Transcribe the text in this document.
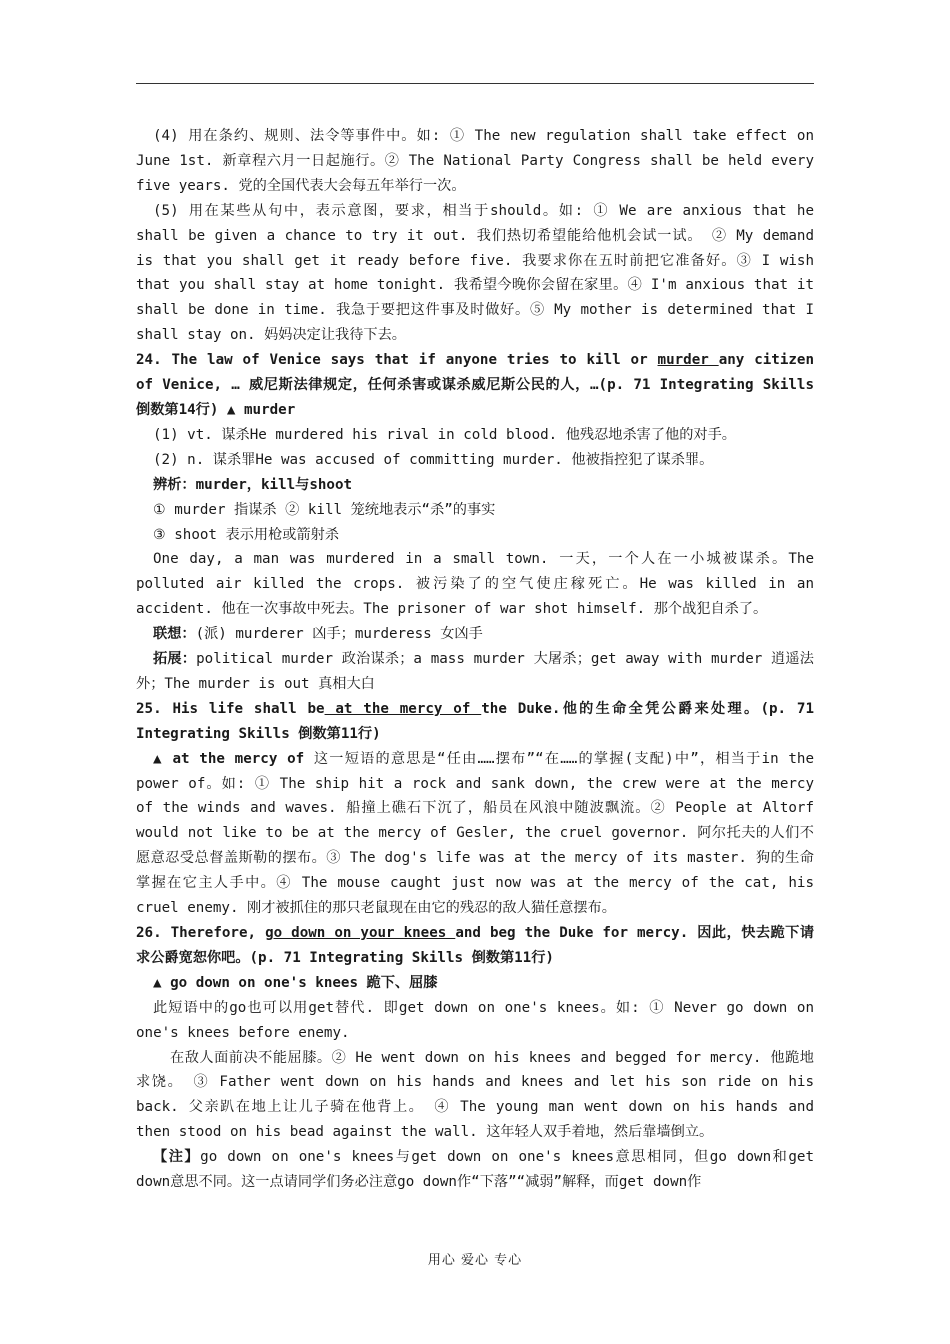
(4) 用在条约、规则、法令等事件中。如: ① The new regulation shall take effect on June 1st. 新章程六月一日起施行。② The National Party Congress shall be held every five years. 党的全国代表大会每五年举行一次。

(5) 用在某些从句中，表示意图，要求，相当于should。如: ① We are anxious that he shall be given a chance to try it out. 我们热切希望能给他机会试一试。 ② My demand is that you shall get it ready before five. 我要求你在五时前把它准备好。③ I wish that you shall stay at home tonight. 我希望今晚你会留在家里。④ I'm anxious that it shall be done in time. 我急于要把这件事及时做好。⑤ My mother is determined that I shall stay on. 妈妈决定让我待下去。

24. The law of Venice says that if anyone tries to kill or murder any citizen of Venice, … 威尼斯法律规定，任何杀害或谋杀威尼斯公民的人，…(p. 71 Integrating Skills 倒数第14行) ▲ murder

(1) vt. 谋杀He murdered his rival in cold blood. 他残忍地杀害了他的对手。

(2) n. 谋杀罪He was accused of committing murder. 他被指控犯了谋杀罪。

辨析：murder，kill与shoot

① murder 指谋杀 ② kill 笼统地表示“杀”的事实

③ shoot 表示用枪或箭射杀

One day, a man was murdered in a small town. 一天，一个人在一小城被谋杀。The polluted air killed the crops. 被污染了的空气使庄稼死亡。He was killed in an accident. 他在一次事故中死去。The prisoner of war shot himself. 那个战犯自杀了。

联想：(派) murderer 凶手；murderess 女凶手

拓展：political murder 政治谋杀；a mass murder 大屠杀；get away with murder 逍遥法外；The murder is out 真相大白

25. His life shall be at the mercy of the Duke.他的生命全凭公爵来处理。(p. 71 Integrating Skills 倒数第11行)

▲ at the mercy of 这一短语的意思是“任由……摆布”“在……的掌握(支配)中”，相当于in the power of。如: ① The ship hit a rock and sank down, the crew were at the mercy of the winds and waves. 船撞上礁石下沉了，船员在风浪中随波飘流。② People at Altorf would not like to be at the mercy of Gesler, the cruel governor. 阿尔托夫的人们不愿意忍受总督盖斯勒的摆布。③ The dog's life was at the mercy of its master. 狗的生命掌握在它主人手中。④ The mouse caught just now was at the mercy of the cat, his cruel enemy. 刚才被抓住的那只老鼠现在由它的残忍的敌人猫任意摆布。

26. Therefore, go down on your knees and beg the Duke for mercy. 因此，快去跪下请求公爵宽恕你吧。(p. 71 Integrating Skills 倒数第11行)

▲ go down on one's knees 跪下、屈膝

此短语中的go也可以用get替代. 即get down on one's knees。如: ① Never go down on one's knees before enemy.

在敌人面前决不能屈膝。② He went down on his knees and begged for mercy. 他跪地求饶。 ③ Father went down on his hands and knees and let his son ride on his back. 父亲趴在地上让儿子骑在他背上。 ④ The young man went down on his hands and then stood on his bead against the wall. 这年轻人双手着地，然后靠墙倒立。

【注】go down on one's knees与get down on one's knees意思相同，但go down和get down意思不同。这一点请同学们务必注意go down作“下落”“减弱”解释，而get down作

用心 爱心 专心
